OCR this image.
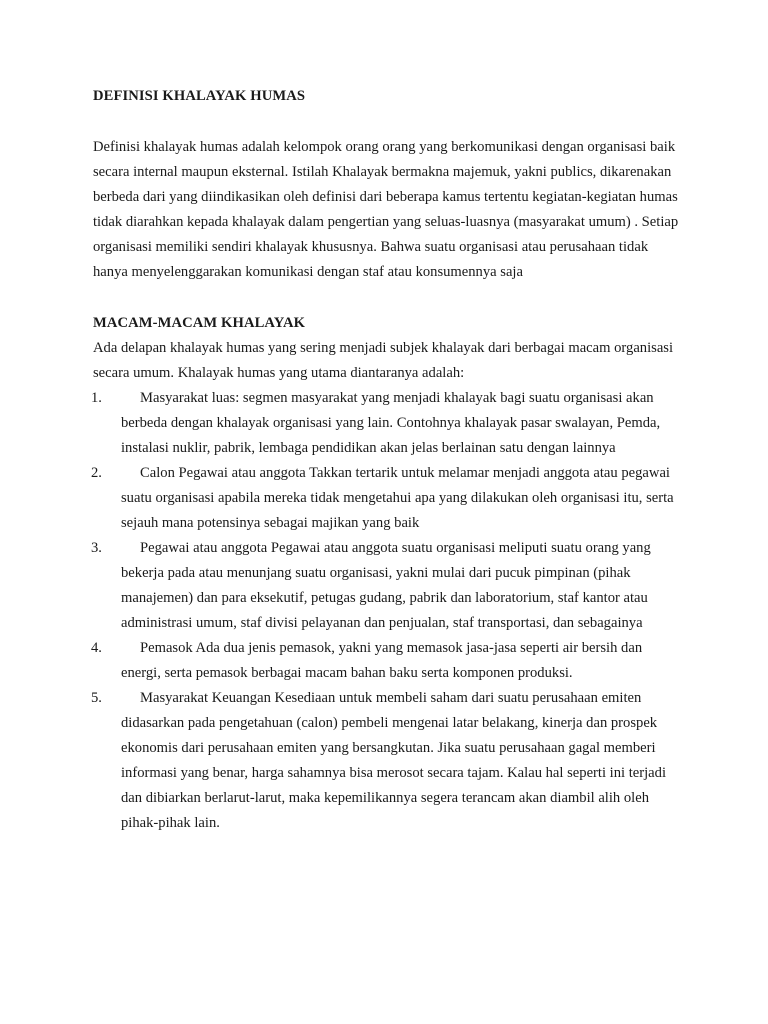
DEFINISI KHALAYAK HUMAS

Definisi khalayak humas adalah kelompok orang orang yang berkomunikasi dengan organisasi baik secara internal maupun eksternal. Istilah Khalayak bermakna majemuk, yakni publics, dikarenakan berbeda dari yang diindikasikan oleh definisi dari beberapa kamus tertentu kegiatan-kegiatan humas tidak diarahkan kepada khalayak dalam pengertian yang seluas-luasnya (masyarakat umum) . Setiap organisasi memiliki sendiri khalayak khususnya. Bahwa suatu organisasi atau perusahaan tidak hanya menyelenggarakan komunikasi dengan staf atau konsumennya saja

MACAM-MACAM KHALAYAK

Ada delapan khalayak humas yang sering menjadi subjek khalayak dari berbagai macam organisasi secara umum. Khalayak humas yang utama diantaranya adalah:

1.	Masyarakat luas: segmen masyarakat yang menjadi khalayak bagi suatu organisasi akan berbeda dengan khalayak organisasi yang lain. Contohnya khalayak pasar swalayan, Pemda, instalasi nuklir, pabrik, lembaga pendidikan akan jelas berlainan satu dengan lainnya
2.	Calon Pegawai atau anggota Takkan tertarik untuk melamar menjadi anggota atau pegawai suatu organisasi apabila mereka tidak mengetahui apa yang dilakukan oleh organisasi itu, serta sejauh mana potensinya sebagai majikan yang baik
3.	Pegawai atau anggota Pegawai atau anggota suatu organisasi meliputi suatu orang yang bekerja pada atau menunjang suatu organisasi, yakni mulai dari pucuk pimpinan (pihak manajemen) dan para eksekutif, petugas gudang, pabrik dan laboratorium, staf kantor atau administrasi umum, staf divisi pelayanan dan penjualan, staf transportasi, dan sebagainya
4.	Pemasok Ada dua jenis pemasok, yakni yang memasok jasa-jasa seperti air bersih dan energi, serta pemasok berbagai macam bahan baku serta komponen produksi.
5.	Masyarakat Keuangan Kesediaan untuk membeli saham dari suatu perusahaan emiten didasarkan pada pengetahuan (calon) pembeli mengenai latar belakang, kinerja dan prospek ekonomis dari perusahaan emiten yang bersangkutan. Jika suatu perusahaan gagal memberi informasi yang benar, harga sahamnya bisa merosot secara tajam. Kalau hal seperti ini terjadi dan dibiarkan berlarut-larut, maka kepemilikannya segera terancam akan diambil alih oleh pihak-pihak lain.
